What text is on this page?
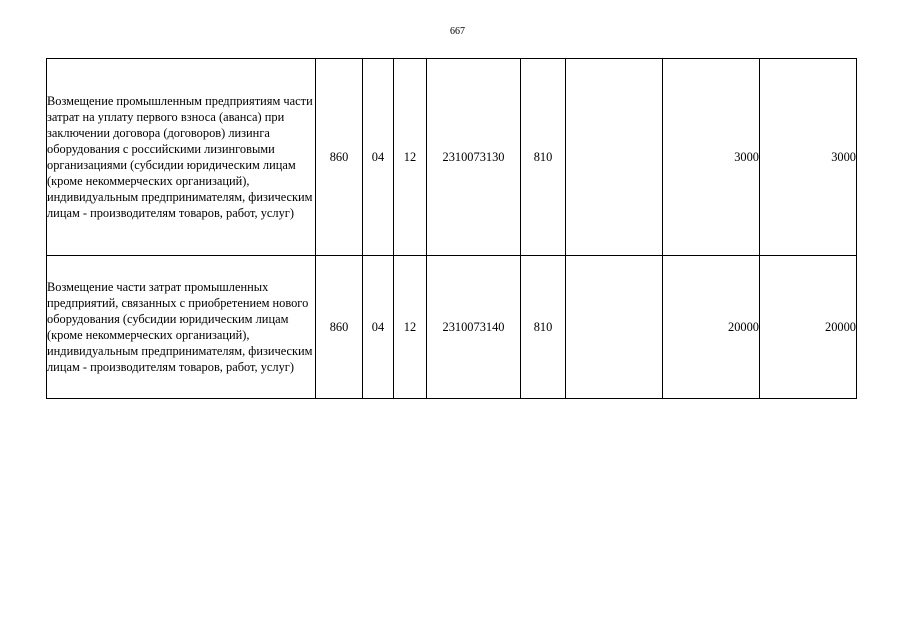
667
Возмещение промышленным предприятиям части затрат на уплату первого взноса (аванса) при заключении договора (договоров) лизинга оборудования с российскими лизинговыми организациями (субсидии юридическим лицам (кроме некоммерческих организаций), индивидуальным предпринимателям, физическим лицам - производителям товаров, работ, услуг)	860	04	12	2310073130	810		3000	3000
Возмещение части затрат промышленных предприятий, связанных с приобретением нового оборудования (субсидии юридическим лицам (кроме некоммерческих организаций), индивидуальным предпринимателям, физическим лицам - производителям товаров, работ, услуг)	860	04	12	2310073140	810		20000	20000
